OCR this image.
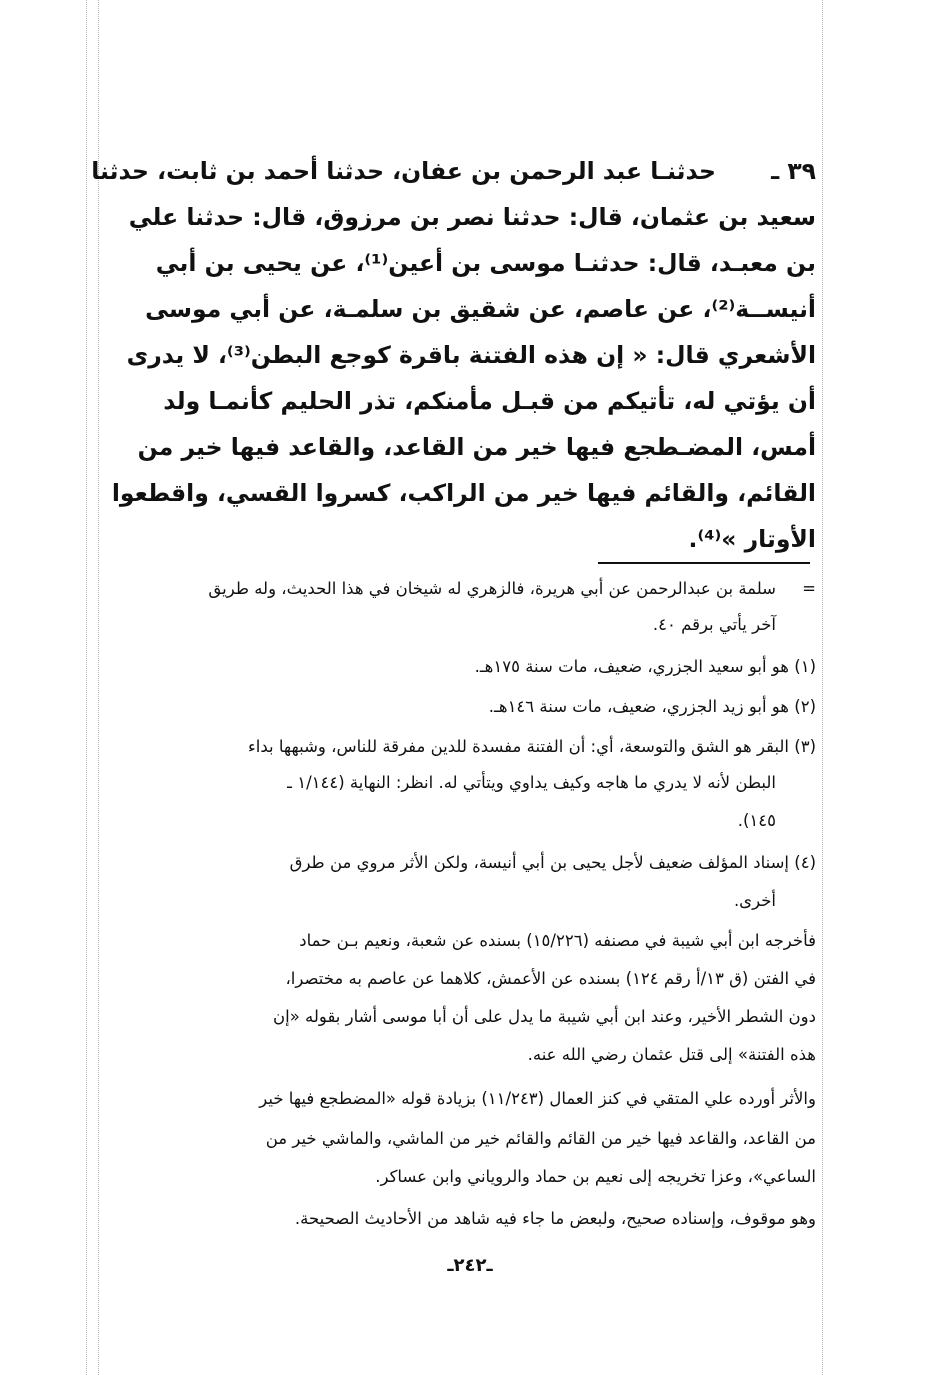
٣٩ ـ
حدثنـا عبد الرحمن بن عفان، حدثنا أحمد بن ثابت، حدثنا
سعيد بن عثمان، قال: حدثنا نصر بن مرزوق، قال: حدثنا علي
بن معبـد، قال: حدثنـا موسى بن أعين⁽¹⁾، عن يحيى بن أبي
أنيســة⁽²⁾، عن عاصم، عن شقيق بن سلمـة، عن أبي موسى
الأشعري قال: « إن هذه الفتنة باقرة كوجع البطن⁽³⁾، لا يدرى
أن يؤتي له، تأتيكم من قبـل مأمنكم، تذر الحليم كأنمـا ولد
أمس، المضـطجع فيها خير من القاعد، والقاعد فيها خير من
القائم، والقائم فيها خير من الراكب، كسروا القسي، واقطعوا
الأوتار »⁽⁴⁾.
=
سلمة بن عبدالرحمن عن أبي هريرة، فالزهري له شيخان في هذا الحديث، وله طريق
آخر يأتي برقم ٤٠.
(١) هو أبو سعيد الجزري، ضعيف، مات سنة ١٧٥هـ.
(٢) هو أبو زيد الجزري، ضعيف، مات سنة ١٤٦هـ.
(٣) البقر هو الشق والتوسعة، أي: أن الفتنة مفسدة للدين مفرقة للناس، وشبهها بداء
البطن لأنه لا يدري ما هاجه وكيف يداوي ويتأتي له. انظر: النهاية (١/١٤٤ ـ
١٤٥).
(٤) إسناد المؤلف ضعيف لأجل يحيى بن أبي أنيسة، ولكن الأثر مروي من طرق
أخرى.
فأخرجه ابن أبي شيبة في مصنفه (١٥/٢٢٦) بسنده عن شعبة، ونعيم بـن حماد
في الفتن (ق ١٣/أ رقم ١٢٤) بسنده عن الأعمش، كلاهما عن عاصم به مختصرا،
دون الشطر الأخير، وعند ابن أبي شيبة ما يدل على أن أبا موسى أشار بقوله «إن
هذه الفتنة» إلى قتل عثمان رضي الله عنه.
والأثر أورده علي المتقي في كنز العمال (١١/٢٤٣) بزيادة قوله «المضطجع فيها خير
من القاعد، والقاعد فيها خير من القائم والقائم خير من الماشي، والماشي خير من
الساعي»، وعزا تخريجه إلى نعيم بن حماد والروياني وابن عساكر.
وهو موقوف، وإسناده صحيح، ولبعض ما جاء فيه شاهد من الأحاديث الصحيحة.
ـ٢٤٢ـ
